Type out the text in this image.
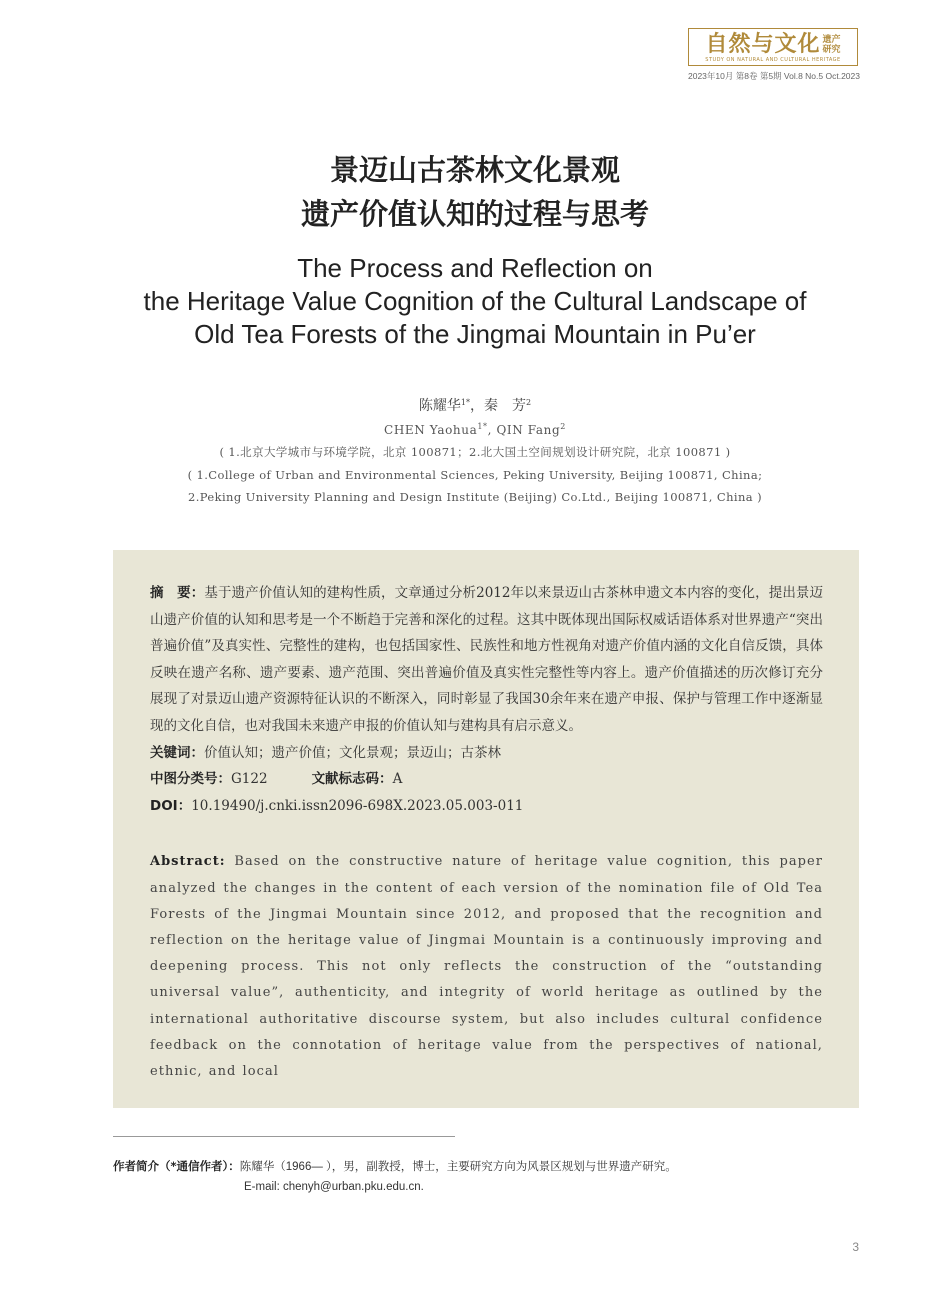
自然与文化 遗产
研究
STUDY ON NATURAL AND CULTURAL HERITAGE
2023年10月 第8卷 第5期 Vol.8 No.5 Oct.2023
景迈山古茶林文化景观
遗产价值认知的过程与思考
The Process and Reflection on
the Heritage Value Cognition of the Cultural Landscape of
Old Tea Forests of the Jingmai Mountain in Pu’er
陈耀华$^{1*}$，秦　芳$^2$
CHEN Yaohua$^{1*}$, QIN Fang$^2$
( 1.北京大学城市与环境学院，北京 100871；2.北大国土空间规划设计研究院，北京 100871 )
( 1.College of Urban and Environmental Sciences, Peking University, Beijing 100871, China;
2.Peking University Planning and Design Institute (Beijing) Co.Ltd., Beijing 100871, China )

摘　要：基于遗产价值认知的建构性质，文章通过分析2012年以来景迈山古茶林申遗文本内容的变化，提出景迈山遗产价值的认知和思考是一个不断趋于完善和深化的过程。这其中既体现出国际权威话语体系对世界遗产“突出普遍价值”及真实性、完整性的建构，也包括国家性、民族性和地方性视角对遗产价值内涵的文化自信反馈，具体反映在遗产名称、遗产要素、遗产范围、突出普遍价值及真实性完整性等内容上。遗产价值描述的历次修订充分展现了对景迈山遗产资源特征认识的不断深入，同时彰显了我国30余年来在遗产申报、保护与管理工作中逐渐显现的文化自信，也对我国未来遗产申报的价值认知与建构具有启示意义。

关键词：价值认知；遗产价值；文化景观；景迈山；古茶林

中图分类号：G122	文献标志码：A

DOI：10.19490/j.cnki.issn2096-698X.2023.05.003-011

Abstract: Based on the constructive nature of heritage value cognition, this paper analyzed the changes in the content of each version of the nomination file of Old Tea Forests of the Jingmai Mountain since 2012, and proposed that the recognition and reflection on the heritage value of Jingmai Mountain is a continuously improving and deepening process. This not only reflects the construction of the “outstanding universal value”, authenticity, and integrity of world heritage as outlined by the international authoritative discourse system, but also includes cultural confidence feedback on the connotation of heritage value from the perspectives of national, ethnic, and local

作者简介（*通信作者）：陈耀华（1966— ），男，副教授，博士，主要研究方向为风景区规划与世界遗产研究。
E-mail: chenyh@urban.pku.edu.cn.
3
